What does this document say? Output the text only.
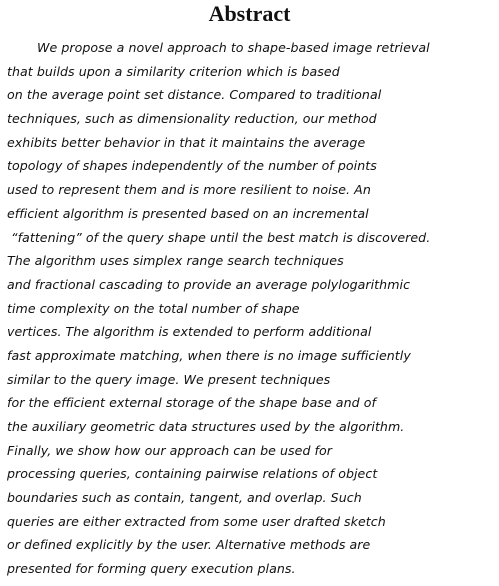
Abstract
We propose a novel approach to shape-based image retrieval
that builds upon a similarity criterion which is based
on the average point set distance. Compared to traditional
techniques, such as dimensionality reduction, our method
exhibits better behavior in that it maintains the average
topology of shapes independently of the number of points
used to represent them and is more resilient to noise. An
efficient algorithm is presented based on an incremental
“fattening” of the query shape until the best match is discovered.
The algorithm uses simplex range search techniques
and fractional cascading to provide an average polylogarithmic
time complexity on the total number of shape
vertices. The algorithm is extended to perform additional
fast approximate matching, when there is no image sufficiently
similar to the query image. We present techniques
for the efficient external storage of the shape base and of
the auxiliary geometric data structures used by the algorithm.
Finally, we show how our approach can be used for
processing queries, containing pairwise relations of object
boundaries such as contain, tangent, and overlap. Such
queries are either extracted from some user drafted sketch
or defined explicitly by the user. Alternative methods are
presented for forming query execution plans.
